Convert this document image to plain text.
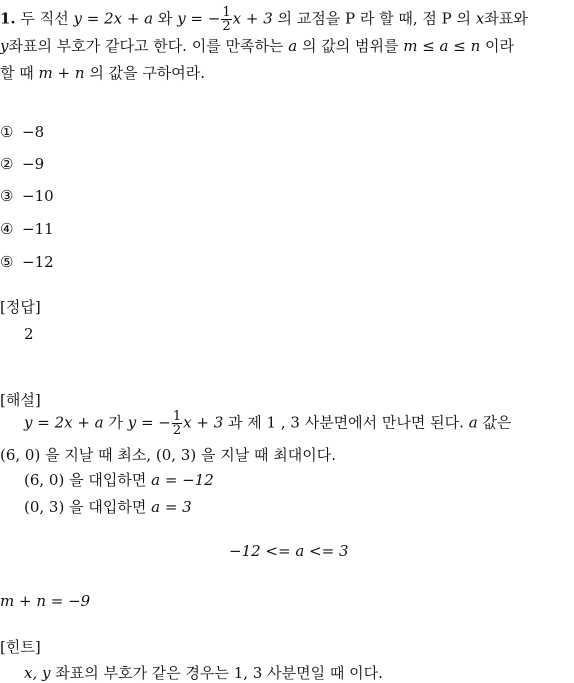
1. 두 직선 y = 2x + a 와 y = − $\frac{1}{2}$ x + 3 의 교점을 P 라 할 때, 점 P 의 x좌표와
y좌표의 부호가 같다고 한다. 이를 만족하는 a 의 값의 범위를 m ≤ a ≤ n 이라
할 때 m + n 의 값을 구하여라.
① −8
② −9
③ −10
④ −11
⑤ −12
[정답]
2
[해설]
y = 2x + a 가 y = − $\frac{1}{2}$ x + 3 과 제 1 , 3 사분면에서 만나면 된다. a 값은
(6, 0) 을 지날 때 최소, (0, 3) 을 지날 때 최대이다.
(6, 0) 을 대입하면 a = −12
(0, 3) 을 대입하면 a = 3
−12 <= a <= 3
m + n = −9
[힌트]
x, y 좌표의 부호가 같은 경우는 1, 3 사분면일 때 이다.
